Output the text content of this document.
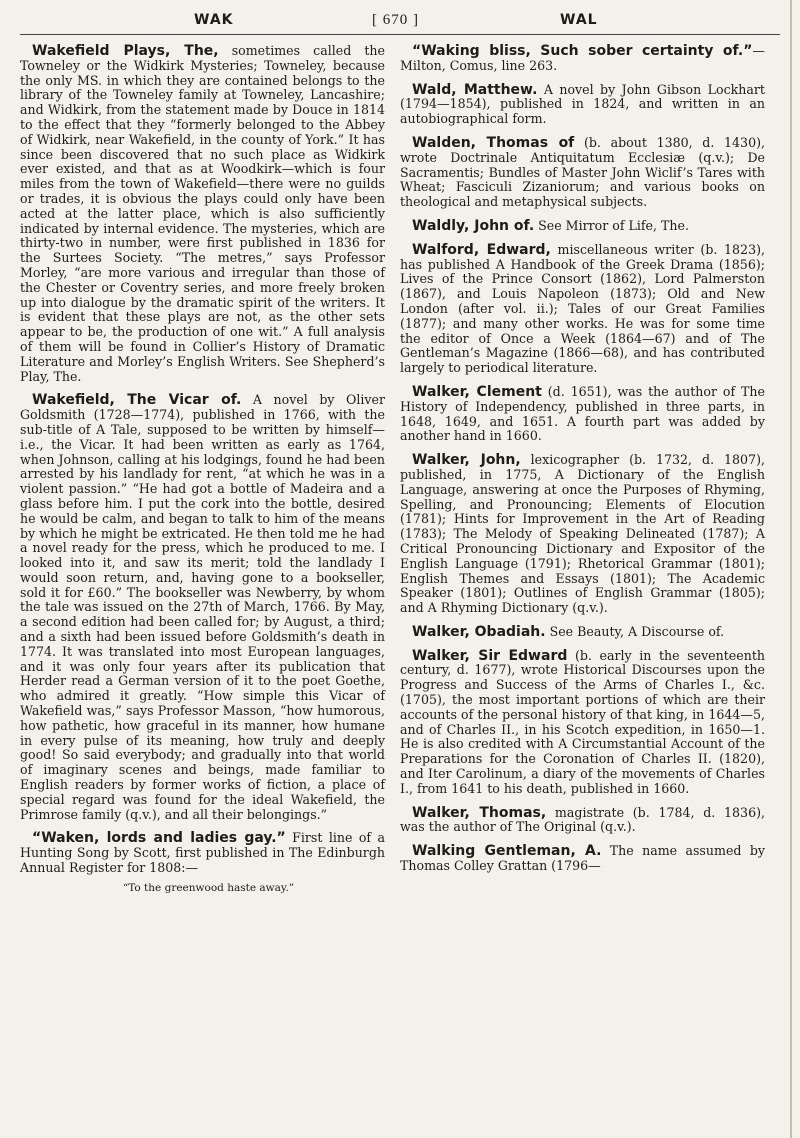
WAK	[ 670 ]	WAL

Wakefield Plays, The, sometimes called the Towneley or the Widkirk Mysteries; Towneley, because the only MS. in which they are contained belongs to the library of the Towneley family at Towneley, Lancashire; and Widkirk, from the statement made by Douce in 1814 to the effect that they “formerly belonged to the Abbey of Widkirk, near Wakefield, in the county of York.” It has since been discovered that no such place as Widkirk ever existed, and that as at Woodkirk—which is four miles from the town of Wakefield—there were no guilds or trades, it is obvious the plays could only have been acted at the latter place, which is also sufficiently indicated by internal evidence. The mysteries, which are thirty-two in number, were first published in 1836 for the Surtees Society. “The metres,” says Professor Morley, “are more various and irregular than those of the Chester or Coventry series, and more freely broken up into dialogue by the dramatic spirit of the writers. It is evident that these plays are not, as the other sets appear to be, the production of one wit.” A full analysis of them will be found in Collier’s History of Dramatic Literature and Morley’s English Writers. See Shepherd’s Play, The.

Wakefield, The Vicar of. A novel by Oliver Goldsmith (1728—1774), published in 1766, with the sub-title of A Tale, supposed to be written by himself—i.e., the Vicar. It had been written as early as 1764, when Johnson, calling at his lodgings, found he had been arrested by his landlady for rent, “at which he was in a violent passion.” “He had got a bottle of Madeira and a glass before him. I put the cork into the bottle, desired he would be calm, and began to talk to him of the means by which he might be extricated. He then told me he had a novel ready for the press, which he produced to me. I looked into it, and saw its merit; told the landlady I would soon return, and, having gone to a bookseller, sold it for £60.” The bookseller was Newberry, by whom the tale was issued on the 27th of March, 1766. By May, a second edition had been called for; by August, a third; and a sixth had been issued before Goldsmith’s death in 1774. It was translated into most European languages, and it was only four years after its publication that Herder read a German version of it to the poet Goethe, who admired it greatly. “How simple this Vicar of Wakefield was,” says Professor Masson, “how humorous, how pathetic, how graceful in its manner, how humane in every pulse of its meaning, how truly and deeply good! So said everybody; and gradually into that world of imaginary scenes and beings, made familiar to English readers by former works of fiction, a place of special regard was found for the ideal Wakefield, the Primrose family (q.v.), and all their belongings.”

“Waken, lords and ladies gay.” First line of a Hunting Song by Scott, first published in The Edinburgh Annual Register for 1808:—

“To the greenwood haste away.”

“Waking bliss, Such sober certainty of.”—Milton, Comus, line 263.

Wald, Matthew. A novel by John Gibson Lockhart (1794—1854), published in 1824, and written in an autobiographical form.

Walden, Thomas of (b. about 1380, d. 1430), wrote Doctrinale Antiquitatum Ecclesiæ (q.v.); De Sacramentis; Bundles of Master John Wiclif’s Tares with Wheat; Fasciculi Zizaniorum; and various books on theological and metaphysical subjects.

Waldly, John of. See Mirror of Life, The.

Walford, Edward, miscellaneous writer (b. 1823), has published A Handbook of the Greek Drama (1856); Lives of the Prince Consort (1862), Lord Palmerston (1867), and Louis Napoleon (1873); Old and New London (after vol. ii.); Tales of our Great Families (1877); and many other works. He was for some time the editor of Once a Week (1864—67) and of The Gentleman’s Magazine (1866—68), and has contributed largely to periodical literature.

Walker, Clement (d. 1651), was the author of The History of Independency, published in three parts, in 1648, 1649, and 1651. A fourth part was added by another hand in 1660.

Walker, John, lexicographer (b. 1732, d. 1807), published, in 1775, A Dictionary of the English Language, answering at once the Purposes of Rhyming, Spelling, and Pronouncing; Elements of Elocution (1781); Hints for Improvement in the Art of Reading (1783); The Melody of Speaking Delineated (1787); A Critical Pronouncing Dictionary and Expositor of the English Language (1791); Rhetorical Grammar (1801); English Themes and Essays (1801); The Academic Speaker (1801); Outlines of English Grammar (1805); and A Rhyming Dictionary (q.v.).

Walker, Obadiah. See Beauty, A Discourse of.

Walker, Sir Edward (b. early in the seventeenth century, d. 1677), wrote Historical Discourses upon the Progress and Success of the Arms of Charles I., &c. (1705), the most important portions of which are their accounts of the personal history of that king, in 1644—5, and of Charles II., in his Scotch expedition, in 1650—1. He is also credited with A Circumstantial Account of the Preparations for the Coronation of Charles II. (1820), and Iter Carolinum, a diary of the movements of Charles I., from 1641 to his death, published in 1660.

Walker, Thomas, magistrate (b. 1784, d. 1836), was the author of The Original (q.v.).

Walking Gentleman, A. The name assumed by Thomas Colley Grattan (1796—
